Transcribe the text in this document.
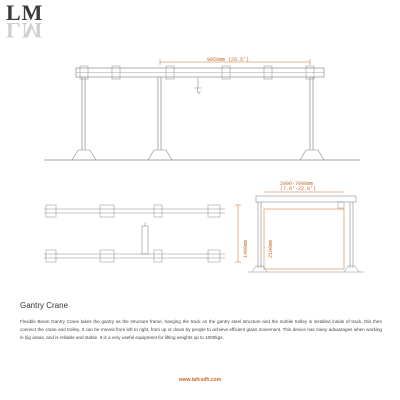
LM
LM
9050mm (29.5')
2000-7000mm
(7.6'-22.9')
1480mm	2100mm
Gantry Crane
Flexible Beam Gantry Crane takes the gantry as the structure frame, hanging the track on the gantry steel structure and the mobile trolley is installed inside of track, this then connect the crane and trolley. It can be moved from left to right, from up or down by people to achieve efficient glass movement. This device has many advantages when working in big areas, and is reliable and stable. It is a very useful equipment for lifting weights up to 1000kgs.
www.tafcsdh.com
